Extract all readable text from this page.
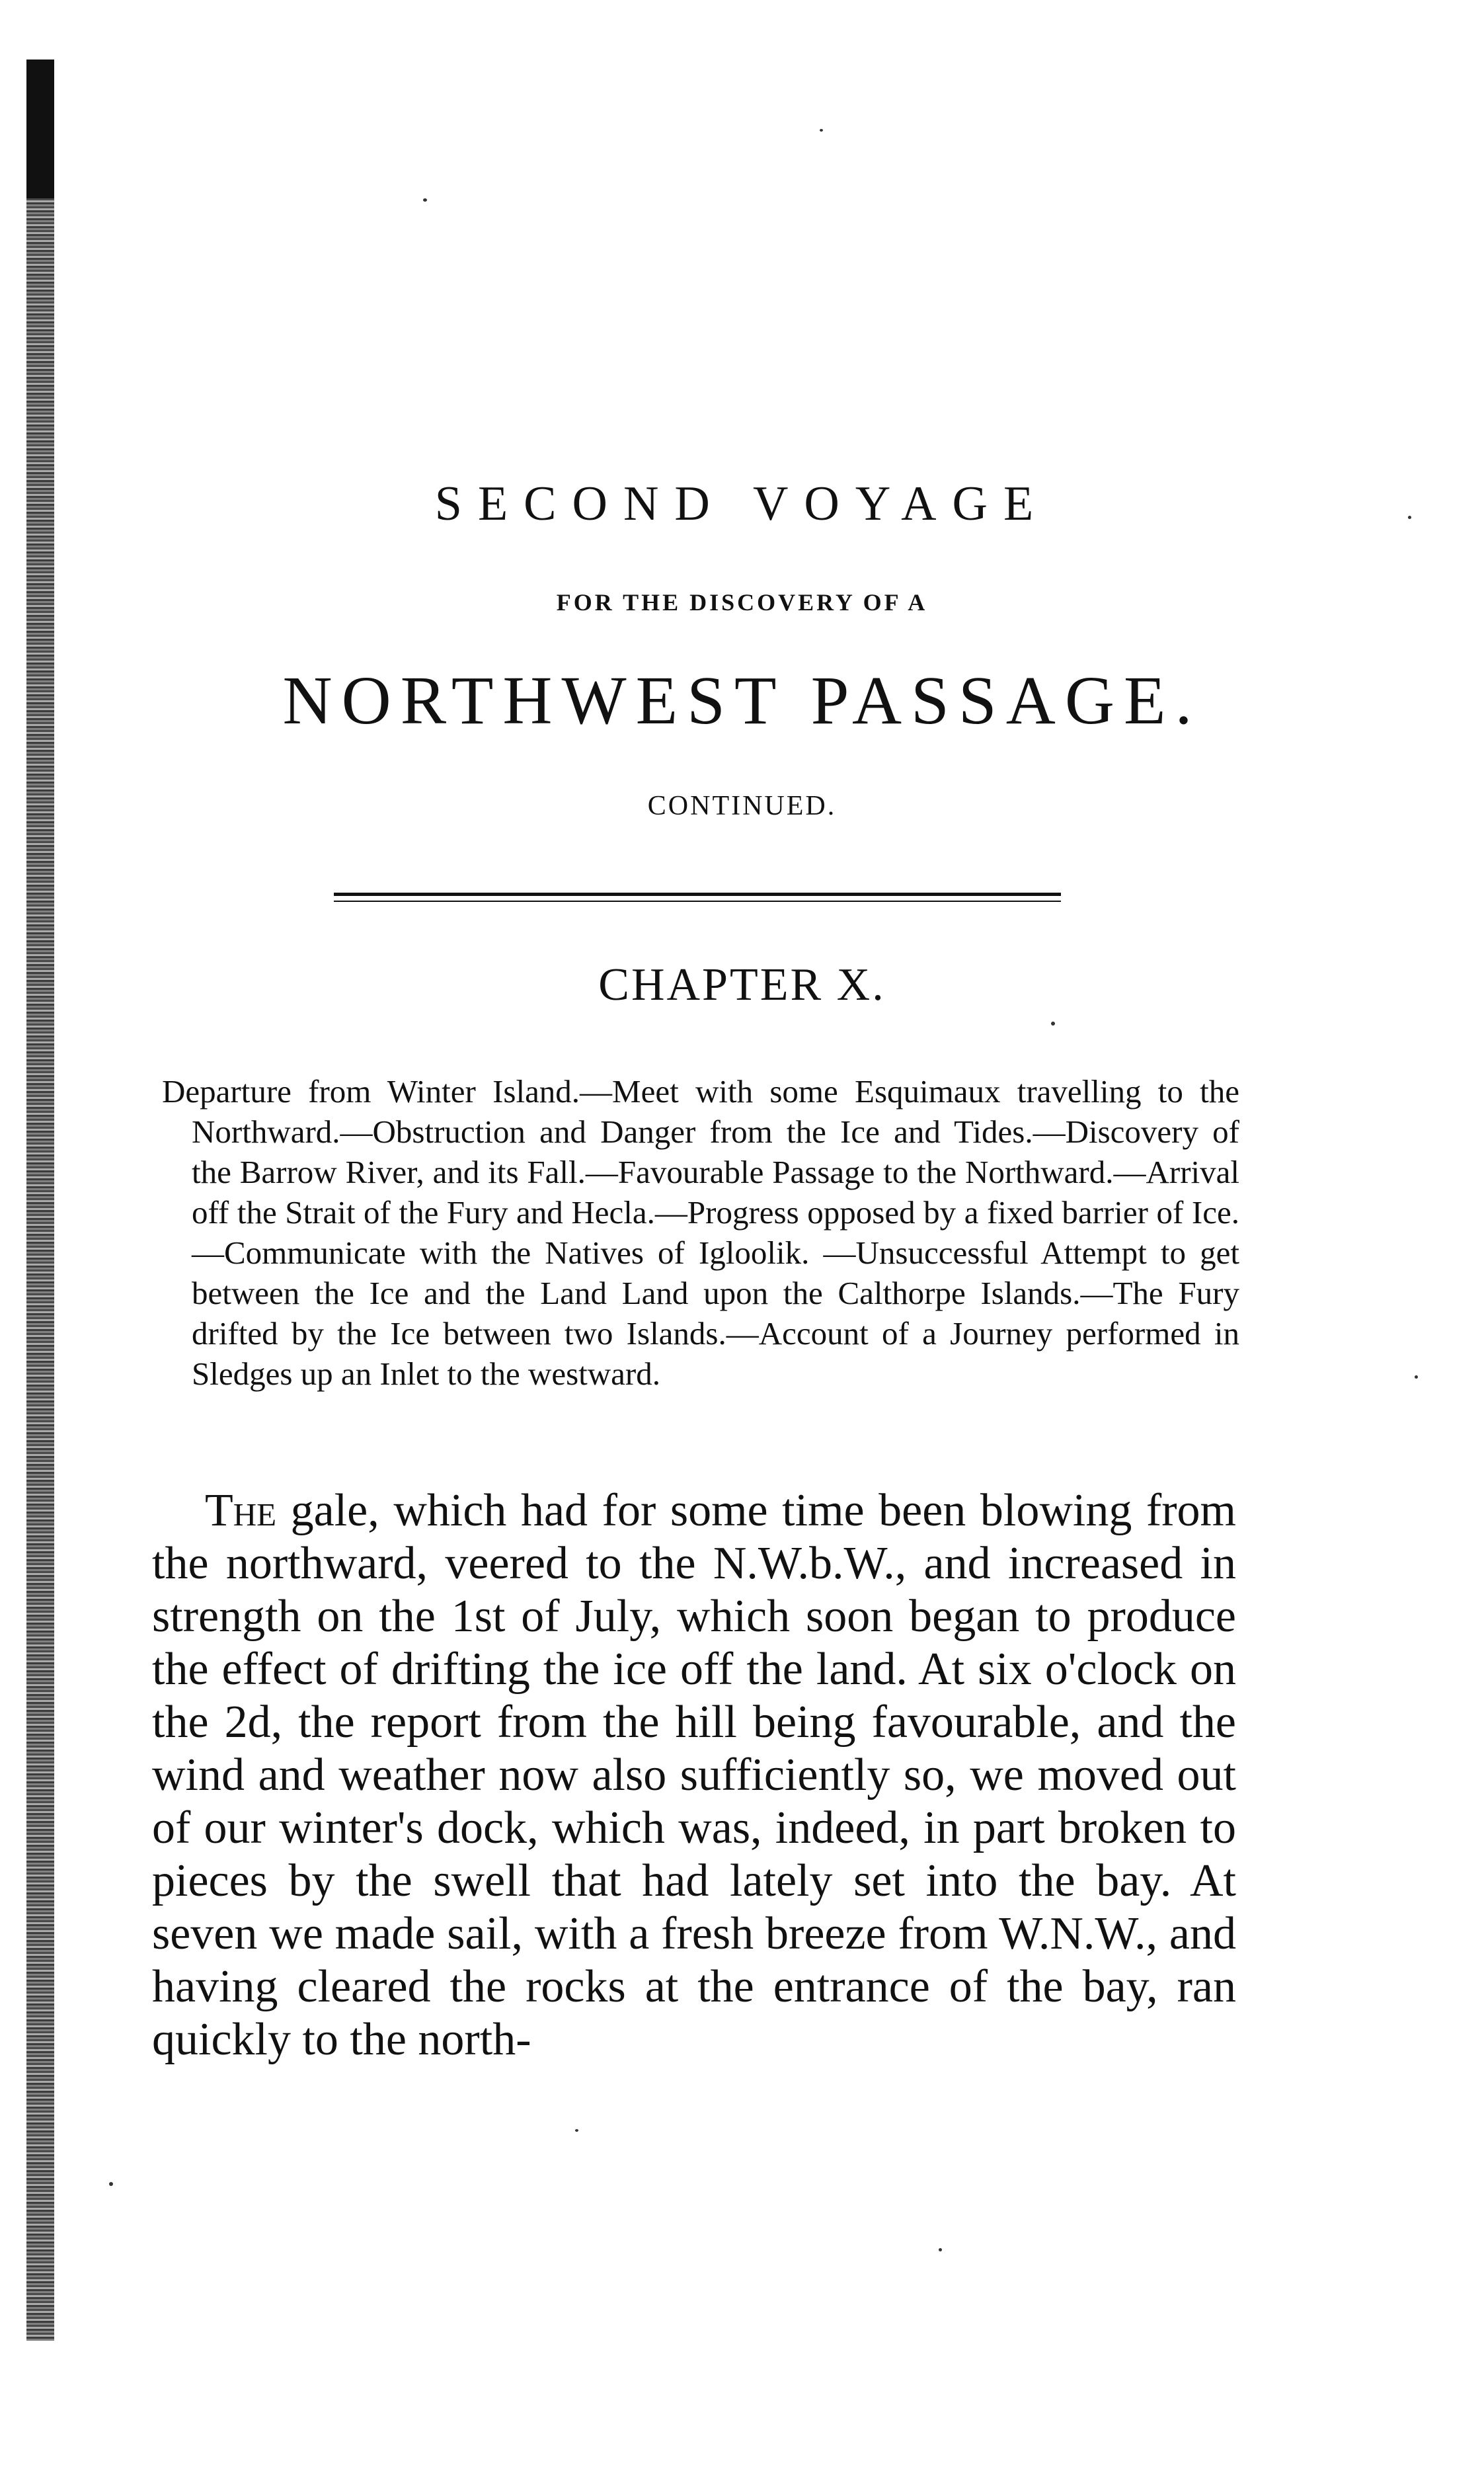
SECOND VOYAGE
FOR THE DISCOVERY OF A
NORTHWEST PASSAGE.
CONTINUED.
CHAPTER X.
Departure from Winter Island.—Meet with some Esquimaux travelling to the Northward.—Obstruction and Danger from the Ice and Tides.—Discovery of the Barrow River, and its Fall.—Favourable Passage to the Northward.—Arrival off the Strait of the Fury and Hecla.—Progress opposed by a fixed barrier of Ice.—Communicate with the Natives of Igloolik. —Unsuccessful Attempt to get between the Ice and the Land Land upon the Calthorpe Islands.—The Fury drifted by the Ice between two Islands.—Account of a Journey performed in Sledges up an Inlet to the westward.
The gale, which had for some time been blowing from the northward, veered to the N.W.b.W., and increased in strength on the 1st of July, which soon began to produce the effect of drifting the ice off the land. At six o'clock on the 2d, the report from the hill being favourable, and the wind and weather now also sufficiently so, we moved out of our winter's dock, which was, indeed, in part broken to pieces by the swell that had lately set into the bay. At seven we made sail, with a fresh breeze from W.N.W., and having cleared the rocks at the entrance of the bay, ran quickly to the north-
